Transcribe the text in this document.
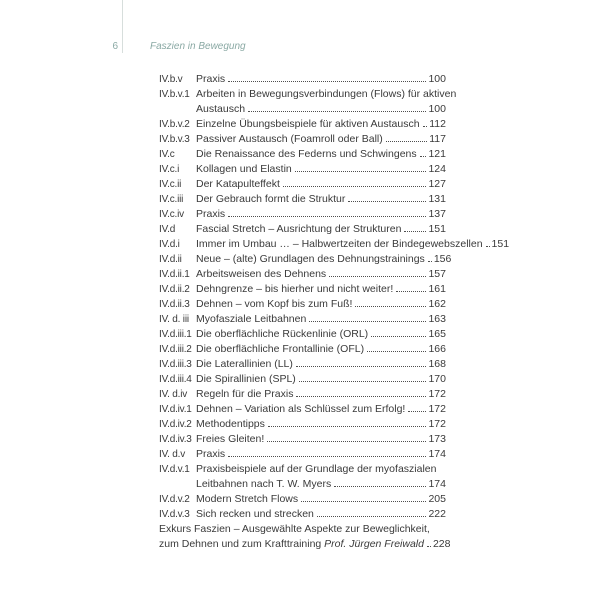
6	Faszien in Bewegung
IV.b.v	Praxis	100
IV.b.v.1 Arbeiten in Bewegungsverbindungen (Flows) für aktiven
Austausch	100
IV.b.v.2 Einzelne Übungsbeispiele für aktiven Austausch 112
IV.b.v.3 Passiver Austausch (Foamroll oder Ball)	117
IV.c	Die Renaissance des Federns und Schwingens 121
IV.c.i	Kollagen und Elastin	124
IV.c.ii	Der Katapulteffekt	127
IV.c.iii	Der Gebrauch formt die Struktur	131
IV.c.iv	Praxis	137
IV.d	Fascial Stretch – Ausrichtung der Strukturen	151
IV.d.i	Immer im Umbau … – Halbwertzeiten der Bindegewebszellen 151
IV.d.ii	Neue – (alte) Grundlagen des Dehnungstrainings 156
IV.d.ii.1 Arbeitsweisen des Dehnens	157
IV.d.ii.2 Dehngrenze – bis hierher und nicht weiter!	161
IV.d.ii.3 Dehnen – vom Kopf bis zum Fuß!	162
IV. d. iii Myofasziale Leitbahnen	163
IV.d.iii.1 Die oberflächliche Rückenlinie (ORL)	165
IV.d.iii.2 Die oberflächliche Frontallinie (OFL)	166
IV.d.iii.3 Die Laterallinien (LL)	168
IV.d.iii.4 Die Spirallinien (SPL)	170
IV. d.iv Regeln für die Praxis	172
IV.d.iv.1 Dehnen – Variation als Schlüssel zum Erfolg! 172
IV.d.iv.2 Methodentipps	172
IV.d.iv.3 Freies Gleiten!	173
IV. d.v	Praxis	174
IV.d.v.1 Praxisbeispiele auf der Grundlage der myofaszialen
Leitbahnen nach T. W. Myers	174
IV.d.v.2 Modern Stretch Flows	205
IV.d.v.3 Sich recken und strecken	222
Exkurs Faszien – Ausgewählte Aspekte zur Beweglichkeit,
zum Dehnen und zum Krafttraining Prof. Jürgen Freiwald 228
